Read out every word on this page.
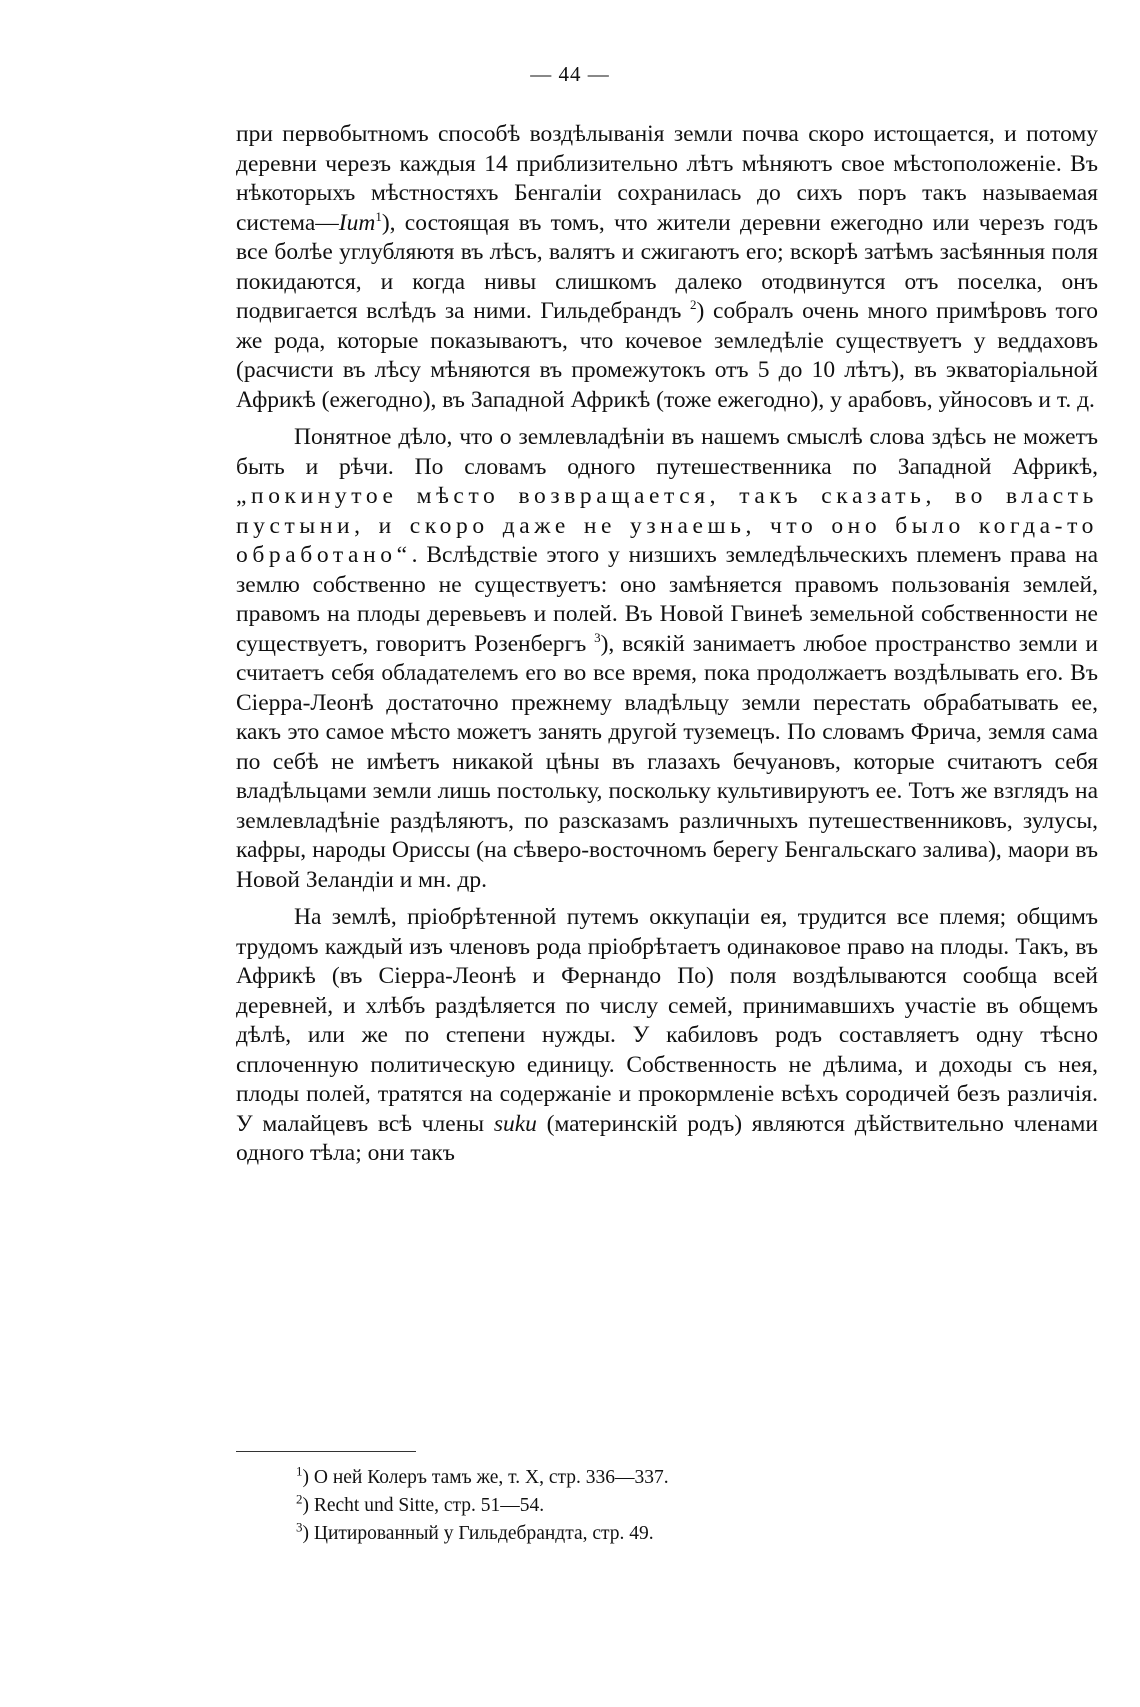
— 44 —

при первобытномъ способѣ воздѣлыванія земли почва скоро истощается, и потому деревни черезъ каждыя 14 приблизительно лѣтъ мѣняютъ свое мѣстоположеніе. Въ нѣкоторыхъ мѣстностяхъ Бенгаліи сохранилась до сихъ поръ такъ называемая система—Іит$^1$), состоящая въ томъ, что жители деревни ежегодно или черезъ годъ все болѣе углубляютя въ лѣсъ, валятъ и сжигаютъ его; вскорѣ затѣмъ засѣянныя поля покидаются, и когда нивы слишкомъ далеко отодвинутся отъ поселка, онъ подвигается вслѣдъ за ними. Гильдебрандъ $^2$) собралъ очень много примѣровъ того же рода, которые показываютъ, что кочевое земледѣліе существуетъ у веддаховъ (расчисти въ лѣсу мѣняются въ промежутокъ отъ 5 до 10 лѣтъ), въ экваторіальной Африкѣ (ежегодно), въ Западной Африкѣ (тоже ежегодно), у арабовъ, уйносовъ и т. д.

Понятное дѣло, что о землевладѣніи въ нашемъ смыслѣ слова здѣсь не можетъ быть и рѣчи. По словамъ одного путешественника по Западной Африкѣ, „покинутое мѣсто возвращается, такъ сказать, во власть пустыни, и скоро даже не узнаешь, что оно было когда-то обработано“. Вслѣдствіе этого у низшихъ земледѣльческихъ племенъ права на землю собственно не существуетъ: оно замѣняется правомъ пользованія землей, правомъ на плоды деревьевъ и полей. Въ Новой Гвинеѣ земельной собственности не существуетъ, говоритъ Розенбергъ $^3$), всякій занимаетъ любое пространство земли и считаетъ себя обладателемъ его во все время, пока продолжаетъ воздѣлывать его. Въ Сіерра-Леонѣ достаточно прежнему владѣльцу земли перестать обрабатывать ее, какъ это самое мѣсто можетъ занять другой туземецъ. По словамъ Фрича, земля сама по себѣ не имѣетъ никакой цѣны въ глазахъ бечуановъ, которые считаютъ себя владѣльцами земли лишь постольку, поскольку культивируютъ ее. Тотъ же взглядъ на землевладѣніе раздѣляютъ, по разсказамъ различныхъ путешественниковъ, зулусы, кафры, народы Ориссы (на сѣверо-восточномъ берегу Бенгальскаго залива), маори въ Новой Зеландіи и мн. др.

На землѣ, пріобрѣтенной путемъ оккупаціи ея, трудится все племя; общимъ трудомъ каждый изъ членовъ рода пріобрѣтаетъ одинаковое право на плоды. Такъ, въ Африкѣ (въ Сіерра-Леонѣ и Фернандо По) поля воздѣлываются сообща всей деревней, и хлѣбъ раздѣляется по числу семей, принимавшихъ участіе въ общемъ дѣлѣ, или же по степени нужды. У кабиловъ родъ составляетъ одну тѣсно сплоченную политическую единицу. Собственность не дѣлима, и доходы съ нея, плоды полей, тратятся на содержаніе и прокормленіе всѣхъ сородичей безъ различія. У малайцевъ всѣ члены suku (материнскій родъ) являются дѣйствительно членами одного тѣла; они такъ

$^1$) О ней Колеръ тамъ же, т. X, стр. 336—337.

$^2$) Recht und Sitte, стр. 51—54.

$^3$) Цитированный у Гильдебрандта, стр. 49.
